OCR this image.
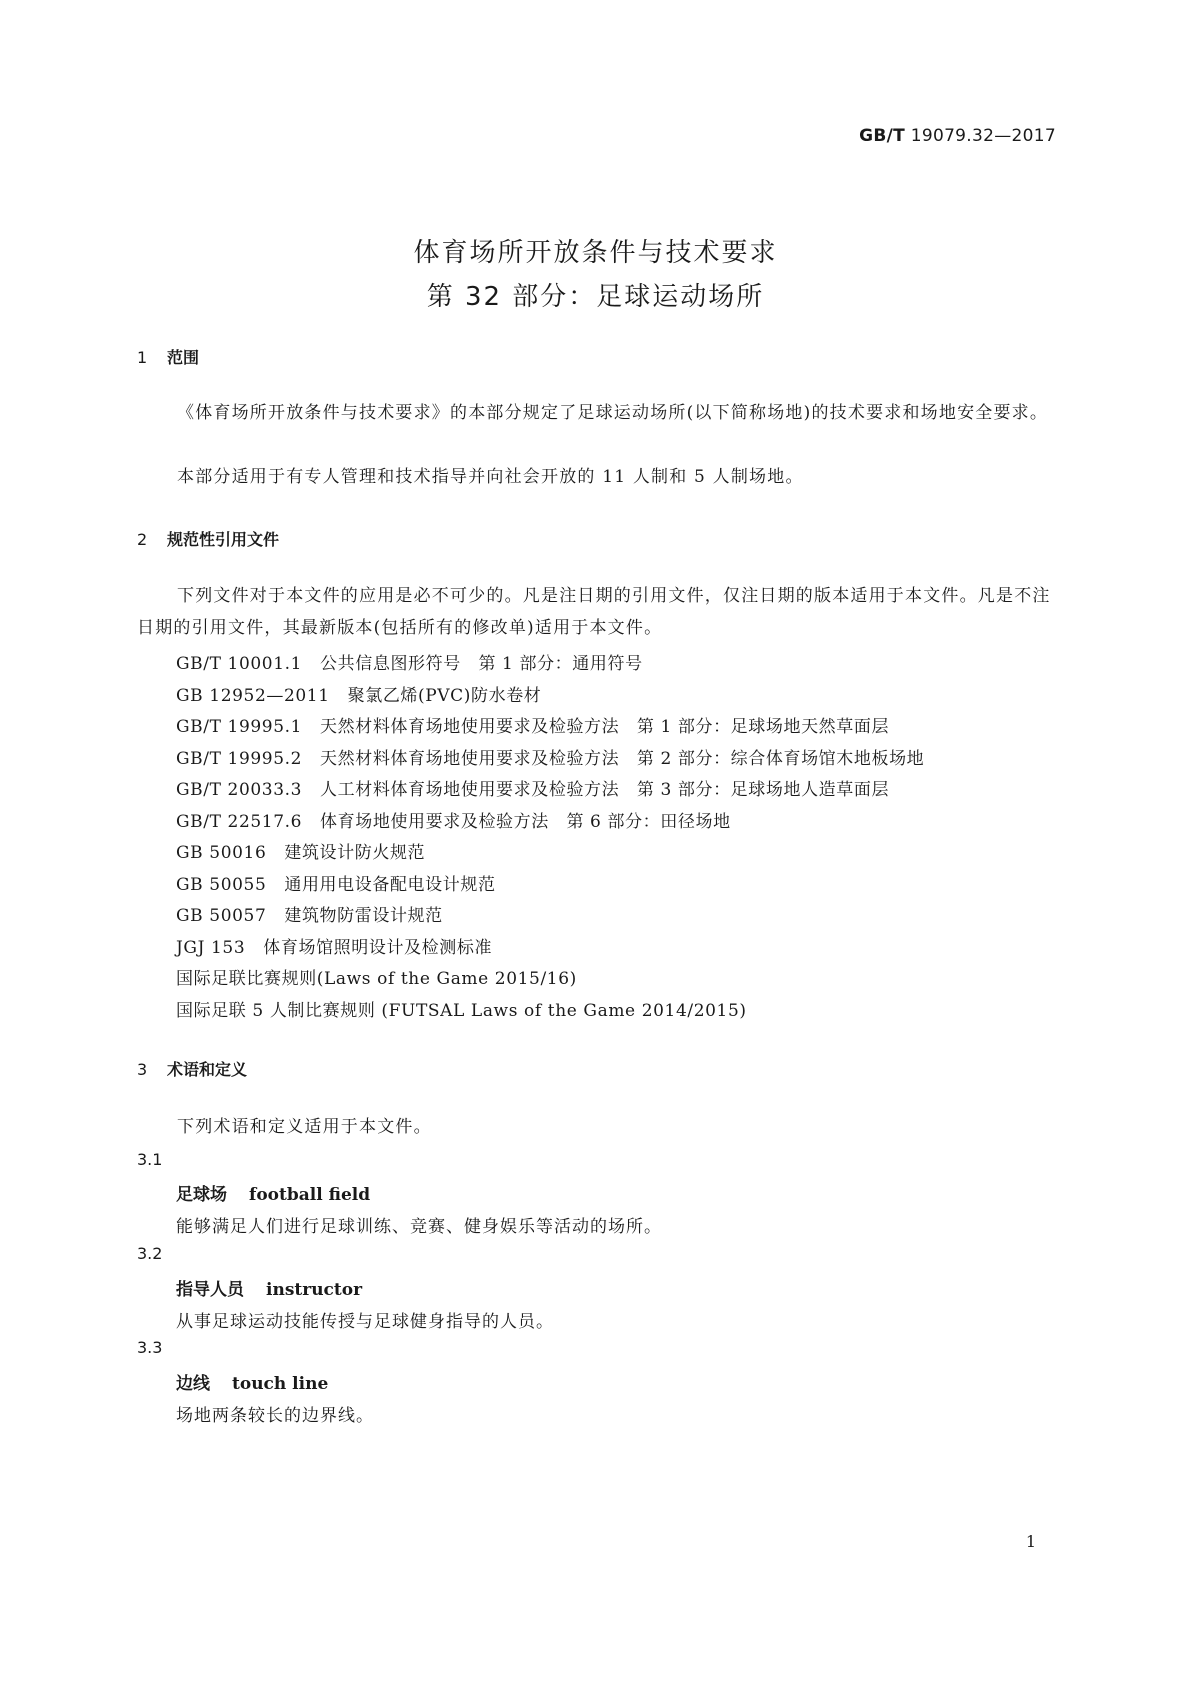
GB/T 19079.32—2017
体育场所开放条件与技术要求
第 32 部分：足球运动场所
1 范围
《体育场所开放条件与技术要求》的本部分规定了足球运动场所(以下简称场地)的技术要求和场地安全要求。
本部分适用于有专人管理和技术指导并向社会开放的 11 人制和 5 人制场地。
2 规范性引用文件
下列文件对于本文件的应用是必不可少的。凡是注日期的引用文件，仅注日期的版本适用于本文件。凡是不注日期的引用文件，其最新版本(包括所有的修改单)适用于本文件。
GB/T 10001.1 公共信息图形符号　第 1 部分：通用符号
GB 12952—2011 聚氯乙烯(PVC)防水卷材
GB/T 19995.1 天然材料体育场地使用要求及检验方法　第 1 部分：足球场地天然草面层
GB/T 19995.2 天然材料体育场地使用要求及检验方法　第 2 部分：综合体育场馆木地板场地
GB/T 20033.3 人工材料体育场地使用要求及检验方法　第 3 部分：足球场地人造草面层
GB/T 22517.6 体育场地使用要求及检验方法　第 6 部分：田径场地
GB 50016 建筑设计防火规范
GB 50055 通用用电设备配电设计规范
GB 50057 建筑物防雷设计规范
JGJ 153 体育场馆照明设计及检测标准
国际足联比赛规则(Laws of the Game 2015/16)
国际足联 5 人制比赛规则 (FUTSAL Laws of the Game 2014/2015)
3 术语和定义
下列术语和定义适用于本文件。
3.1
足球场 football field
能够满足人们进行足球训练、竞赛、健身娱乐等活动的场所。
3.2
指导人员 instructor
从事足球运动技能传授与足球健身指导的人员。
3.3
边线 touch line
场地两条较长的边界线。
1
